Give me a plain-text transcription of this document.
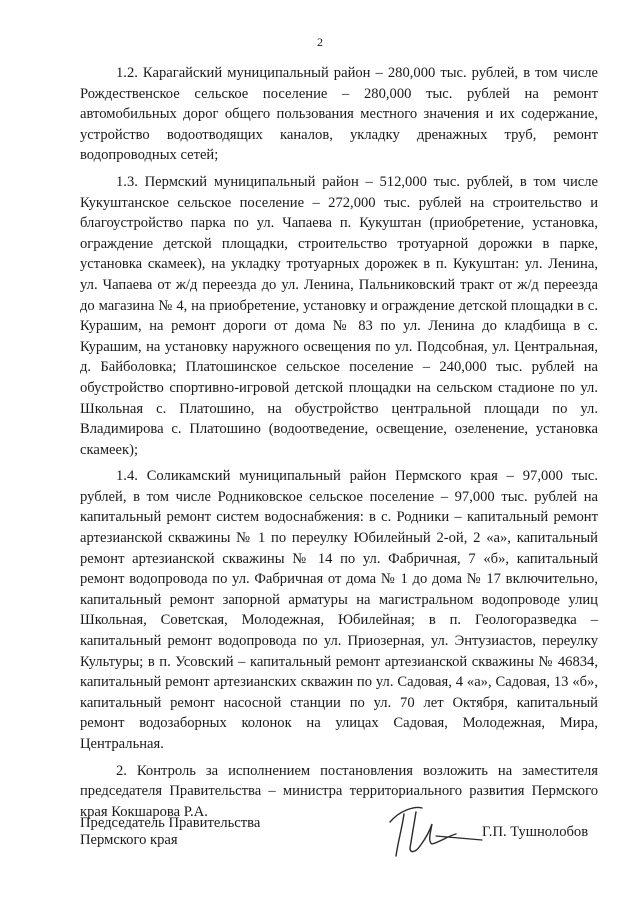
2

1.2. Карагайский муниципальный район – 280,000 тыс. рублей, в том числе Рождественское сельское поселение – 280,000 тыс. рублей на ремонт автомобильных дорог общего пользования местного значения и их содержание, устройство водоотводящих каналов, укладку дренажных труб, ремонт водопроводных сетей;

1.3. Пермский муниципальный район – 512,000 тыс. рублей, в том числе Кукуштанское сельское поселение – 272,000 тыс. рублей на строительство и благоустройство парка по ул. Чапаева п. Кукуштан (приобретение, установка, ограждение детской площадки, строительство тротуарной дорожки в парке, установка скамеек), на укладку тротуарных дорожек в п. Кукуштан: ул. Ленина, ул. Чапаева от ж/д переезда до ул. Ленина, Пальниковский тракт от ж/д переезда до магазина № 4, на приобретение, установку и ограждение детской площадки в с. Курашим, на ремонт дороги от дома № 83 по ул. Ленина до кладбища в с. Курашим, на установку наружного освещения по ул. Подсобная, ул. Центральная, д. Байболовка; Платошинское сельское поселение – 240,000 тыс. рублей на обустройство спортивно-игровой детской площадки на сельском стадионе по ул. Школьная с. Платошино, на обустройство центральной площади по ул. Владимирова с. Платошино (водоотведение, освещение, озеленение, установка скамеек);

1.4. Соликамский муниципальный район Пермского края – 97,000 тыс. рублей, в том числе Родниковское сельское поселение – 97,000 тыс. рублей на капитальный ремонт систем водоснабжения: в с. Родники – капитальный ремонт артезианской скважины № 1 по переулку Юбилейный 2-ой, 2 «а», капитальный ремонт артезианской скважины № 14 по ул. Фабричная, 7 «б», капитальный ремонт водопровода по ул. Фабричная от дома № 1 до дома № 17 включительно, капитальный ремонт запорной арматуры на магистральном водопроводе улиц Школьная, Советская, Молодежная, Юбилейная; в п. Геологоразведка – капитальный ремонт водопровода по ул. Приозерная, ул. Энтузиастов, переулку Культуры; в п. Усовский – капитальный ремонт артезианской скважины № 46834, капитальный ремонт артезианских скважин по ул. Садовая, 4 «а», Садовая, 13 «б», капитальный ремонт насосной станции по ул. 70 лет Октября, капитальный ремонт водозаборных колонок на улицах Садовая, Молодежная, Мира, Центральная.

2. Контроль за исполнением постановления возложить на заместителя председателя Правительства – министра территориального развития Пермского края Кокшарова Р.А.

Председатель Правительства
Пермского края	Г.П. Тушнолобов
